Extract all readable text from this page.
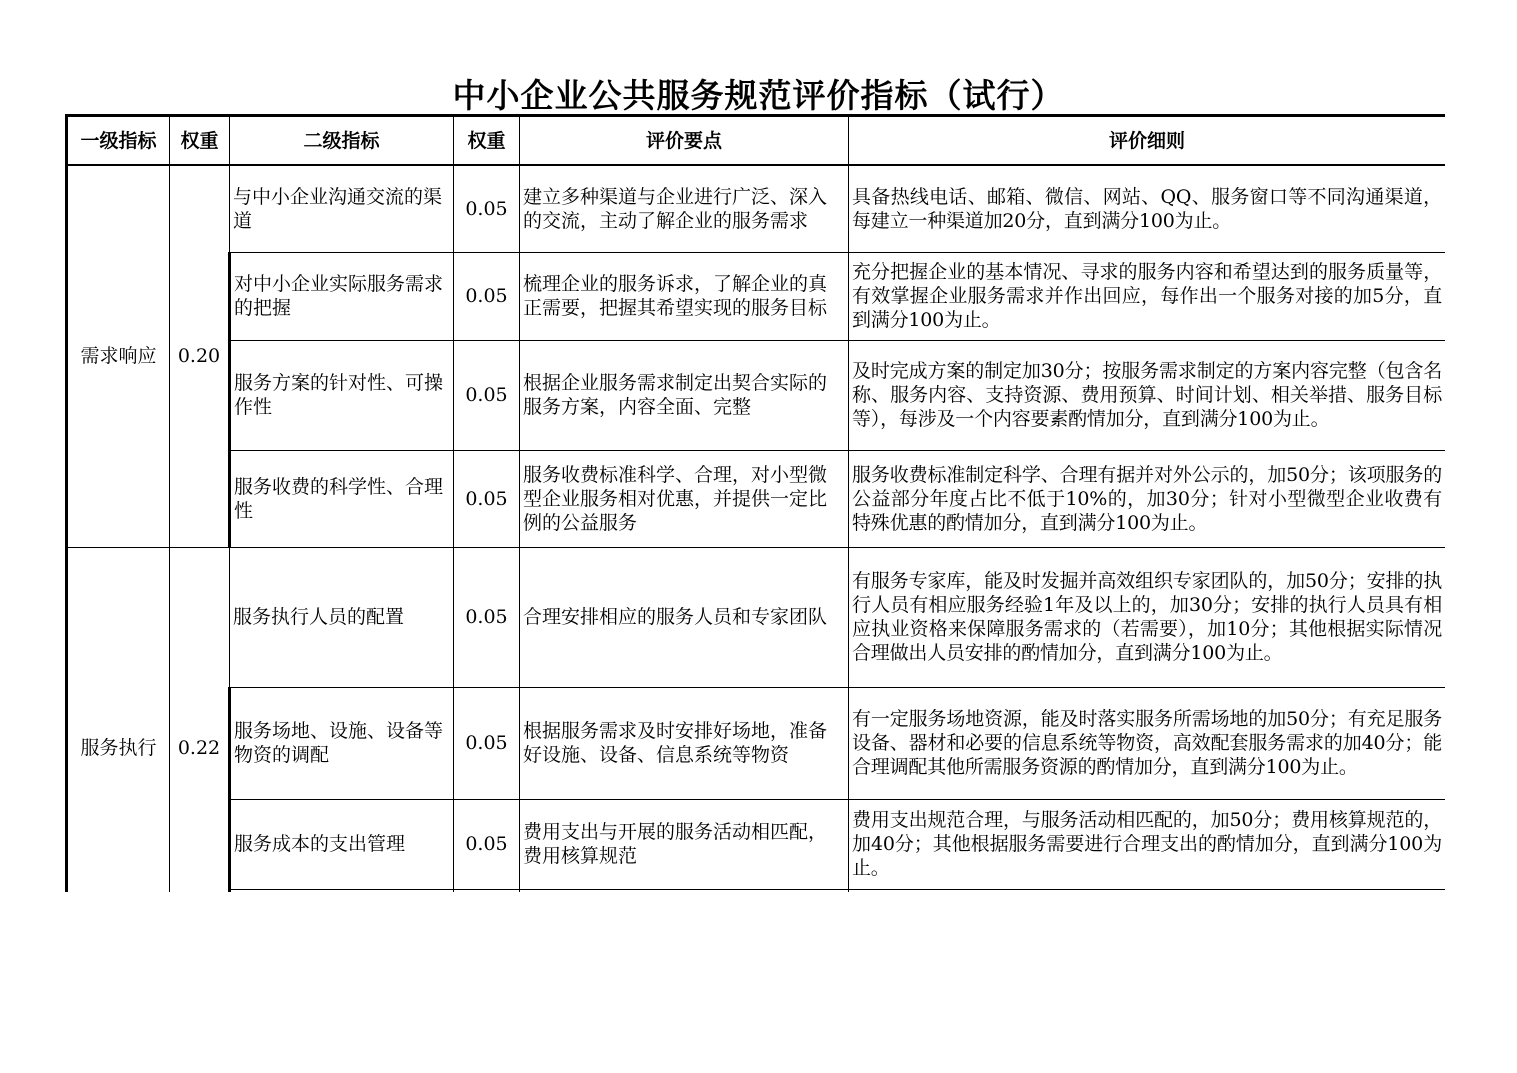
中小企业公共服务规范评价指标（试行）
一级指标	权重	二级指标	权重	评价要点	评价细则
需求响应	0.20	与中小企业沟通交流的渠道	0.05	建立多种渠道与企业进行广泛、深入的交流，主动了解企业的服务需求	具备热线电话、邮箱、微信、网站、QQ、服务窗口等不同沟通渠道，每建立一种渠道加20分，直到满分100为止。
		对中小企业实际服务需求的把握	0.05	梳理企业的服务诉求，了解企业的真正需要，把握其希望实现的服务目标	充分把握企业的基本情况、寻求的服务内容和希望达到的服务质量等，有效掌握企业服务需求并作出回应，每作出一个服务对接的加5分，直到满分100为止。
		服务方案的针对性、可操作性	0.05	根据企业服务需求制定出契合实际的服务方案，内容全面、完整	及时完成方案的制定加30分；按服务需求制定的方案内容完整（包含名称、服务内容、支持资源、费用预算、时间计划、相关举措、服务目标等），每涉及一个内容要素酌情加分，直到满分100为止。
		服务收费的科学性、合理性	0.05	服务收费标准科学、合理，对小型微型企业服务相对优惠，并提供一定比例的公益服务	服务收费标准制定科学、合理有据并对外公示的，加50分；该项服务的公益部分年度占比不低于10%的，加30分；针对小型微型企业收费有特殊优惠的酌情加分，直到满分100为止。
服务执行	0.22	服务执行人员的配置	0.05	合理安排相应的服务人员和专家团队	有服务专家库，能及时发掘并高效组织专家团队的，加50分；安排的执行人员有相应服务经验1年及以上的，加30分；安排的执行人员具有相应执业资格来保障服务需求的（若需要），加10分；其他根据实际情况合理做出人员安排的酌情加分，直到满分100为止。
		服务场地、设施、设备等物资的调配	0.05	根据服务需求及时安排好场地，准备好设施、设备、信息系统等物资	有一定服务场地资源，能及时落实服务所需场地的加50分；有充足服务设备、器材和必要的信息系统等物资，高效配套服务需求的加40分；能合理调配其他所需服务资源的酌情加分，直到满分100为止。
		服务成本的支出管理	0.05	费用支出与开展的服务活动相匹配，费用核算规范	费用支出规范合理，与服务活动相匹配的，加50分；费用核算规范的，加40分；其他根据服务需要进行合理支出的酌情加分，直到满分100为止。
